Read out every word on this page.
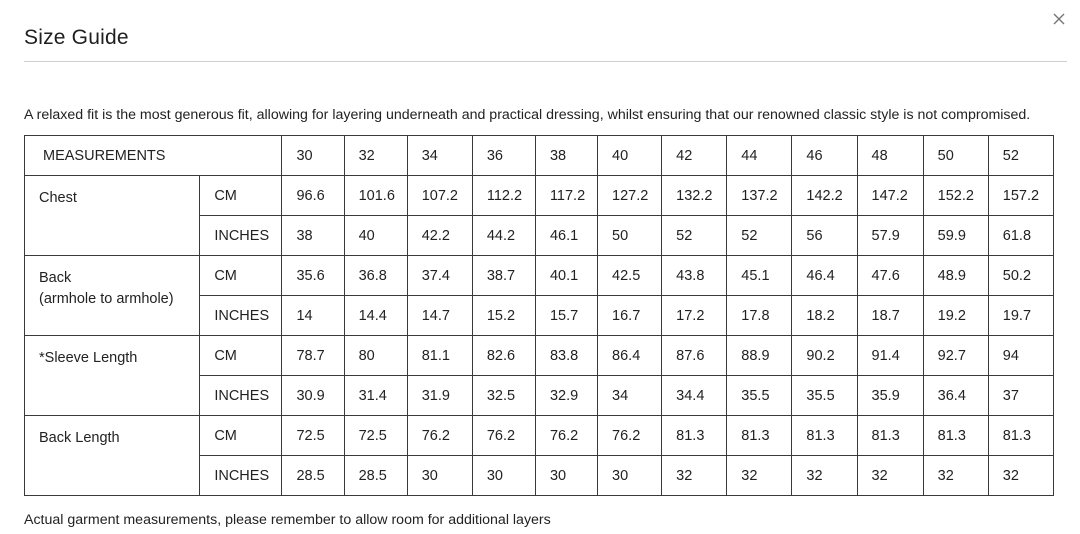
Size Guide
A relaxed fit is the most generous fit, allowing for layering underneath and practical dressing, whilst ensuring that our renowned classic style is not compromised.
MEASUREMENTS		30	32	34	36	38	40	42	44	46	48	50	52

Chest	CM	96.6	101.6	107.2	112.2	117.2	127.2	132.2	137.2	142.2	147.2	152.2	157.2
	INCHES	38	40	42.2	44.2	46.1	50	52	52	56	57.9	59.9	61.8

Back
(armhole to armhole)	CM	35.6	36.8	37.4	38.7	40.1	42.5	43.8	45.1	46.4	47.6	48.9	50.2
	INCHES	14	14.4	14.7	15.2	15.7	16.7	17.2	17.8	18.2	18.7	19.2	19.7

*Sleeve Length	CM	78.7	80	81.1	82.6	83.8	86.4	87.6	88.9	90.2	91.4	92.7	94
	INCHES	30.9	31.4	31.9	32.5	32.9	34	34.4	35.5	35.5	35.9	36.4	37

Back Length	CM	72.5	72.5	76.2	76.2	76.2	76.2	81.3	81.3	81.3	81.3	81.3	81.3
	INCHES	28.5	28.5	30	30	30	30	32	32	32	32	32	32
Actual garment measurements, please remember to allow room for additional layers
